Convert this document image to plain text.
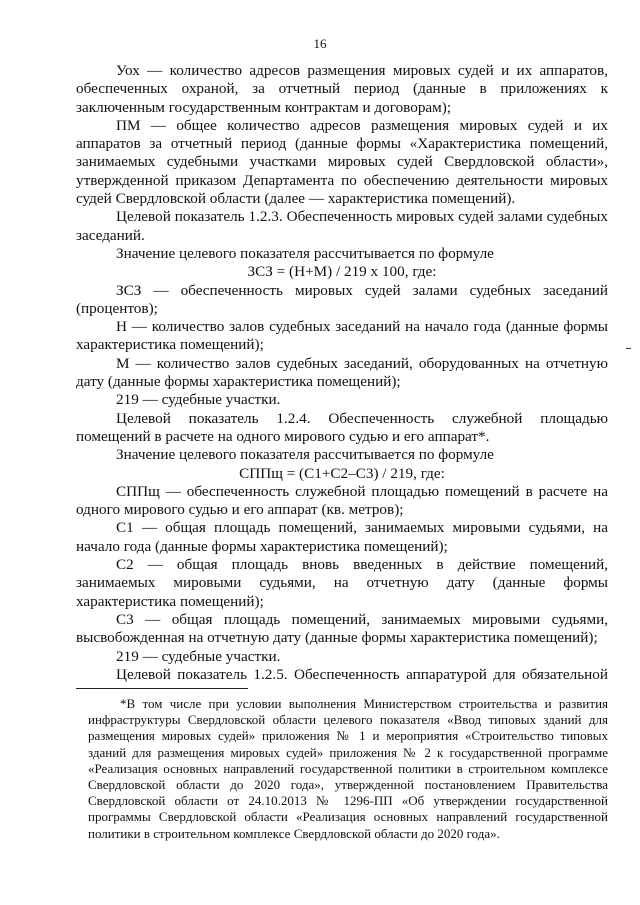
16

Уох — количество адресов размещения мировых судей и их аппаратов, обеспеченных охраной, за отчетный период (данные в приложениях к заключенным государственным контрактам и договорам);

ПМ — общее количество адресов размещения мировых судей и их аппаратов за отчетный период (данные формы «Характеристика помещений, занимаемых судебными участками мировых судей Свердловской области», утвержденной приказом Департамента по обеспечению деятельности мировых судей Свердловской области (далее — характеристика помещений).

Целевой показатель 1.2.3. Обеспеченность мировых судей залами судебных заседаний.

Значение целевого показателя рассчитывается по формуле

ЗСЗ = (Н+М) / 219 х 100, где:

ЗСЗ — обеспеченность мировых судей залами судебных заседаний (процентов);

Н — количество залов судебных заседаний на начало года (данные формы характеристика помещений);

М — количество залов судебных заседаний, оборудованных на отчетную дату (данные формы характеристика помещений);

219 — судебные участки.

Целевой показатель 1.2.4. Обеспеченность служебной площадью помещений в расчете на одного мирового судью и его аппарат*.

Значение целевого показателя рассчитывается по формуле

СППщ = (С1+С2–С3) / 219, где:

СППщ — обеспеченность служебной площадью помещений в расчете на одного мирового судью и его аппарат (кв. метров);

С1 — общая площадь помещений, занимаемых мировыми судьями, на начало года (данные формы характеристика помещений);

С2 — общая площадь вновь введенных в действие помещений, занимаемых мировыми судьями, на отчетную дату (данные формы характеристика помещений);

С3 — общая площадь помещений, занимаемых мировыми судьями, высвобожденная на отчетную дату (данные формы характеристика помещений);

219 — судебные участки.

Целевой показатель 1.2.5. Обеспеченность аппаратурой для обязательной

*В том числе при условии выполнения Министерством строительства и развития инфраструктуры Свердловской области целевого показателя «Ввод типовых зданий для размещения мировых судей» приложения № 1 и мероприятия «Строительство типовых зданий для размещения мировых судей» приложения № 2 к государственной программе «Реализация основных направлений государственной политики в строительном комплексе Свердловской области до 2020 года», утвержденной постановлением Правительства Свердловской области от 24.10.2013 № 1296-ПП «Об утверждении государственной программы Свердловской области «Реализация основных направлений государственной политики в строительном комплексе Свердловской области до 2020 года».
